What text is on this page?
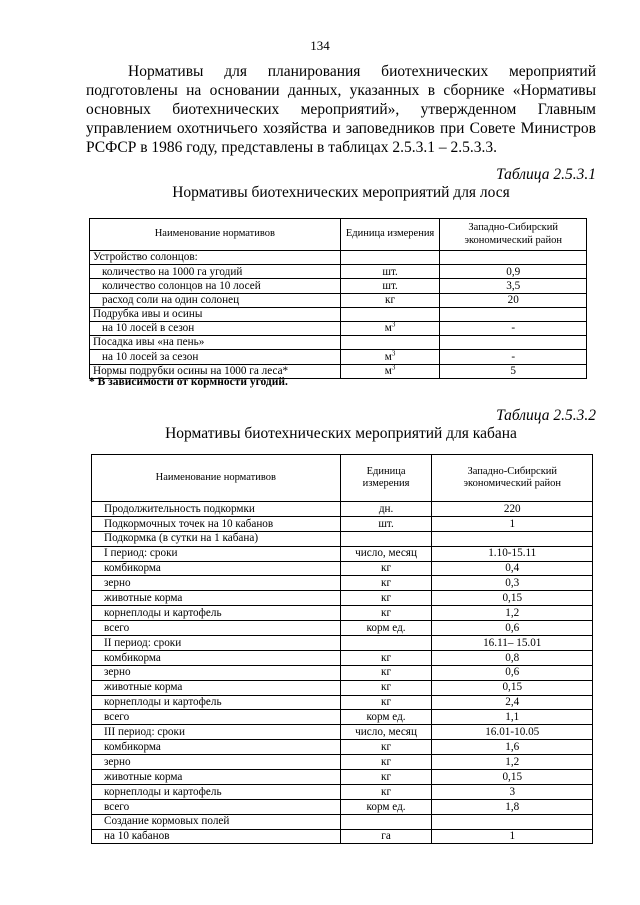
134

Нормативы для планирования биотехнических мероприятий подготовлены на основании данных, указанных в сборнике «Нормативы основных биотехнических мероприятий», утвержденном Главным управлением охотничьего хозяйства и заповедников при Совете Министров РСФСР в 1986 году, представлены в таблицах 2.5.3.1 – 2.5.3.3.

Таблица 2.5.3.1
Нормативы биотехнических мероприятий для лося
Наименование нормативов	Единица измерения	Западно-Сибирский экономический район
Устройство солонцов:		
количество на 1000 га угодий	шт.	0,9
количество солонцов на 10 лосей	шт.	3,5
расход соли на один солонец	кг	20
Подрубка ивы и осины		
на 10 лосей в сезон	$м^3$	-
Посадка ивы «на пень»		
на 10 лосей за сезон	$м^3$	-
Нормы подрубки осины на 1000 га леса*	$м^3$	5
* В зависимости от кормности угодий.
Таблица 2.5.3.2
Нормативы биотехнических мероприятий для кабана
Наименование нормативов	Единица измерения	Западно-Сибирский экономический район
Продолжительность подкормки	дн.	220
Подкормочных точек на 10 кабанов	шт.	1
Подкормка (в сутки на 1 кабана)		
I период: сроки	число, месяц	1.10-15.11
комбикорма	кг	0,4
зерно	кг	0,3
животные корма	кг	0,15
корнеплоды и картофель	кг	1,2
всего	корм ед.	0,6
II период: сроки		16.11– 15.01
комбикорма	кг	0,8
зерно	кг	0,6
животные корма	кг	0,15
корнеплоды и картофель	кг	2,4
всего	корм ед.	1,1
III период: сроки	число, месяц	16.01-10.05
комбикорма	кг	1,6
зерно	кг	1,2
животные корма	кг	0,15
корнеплоды и картофель	кг	3
всего	корм ед.	1,8
Создание кормовых полей		
на 10 кабанов	га	1
